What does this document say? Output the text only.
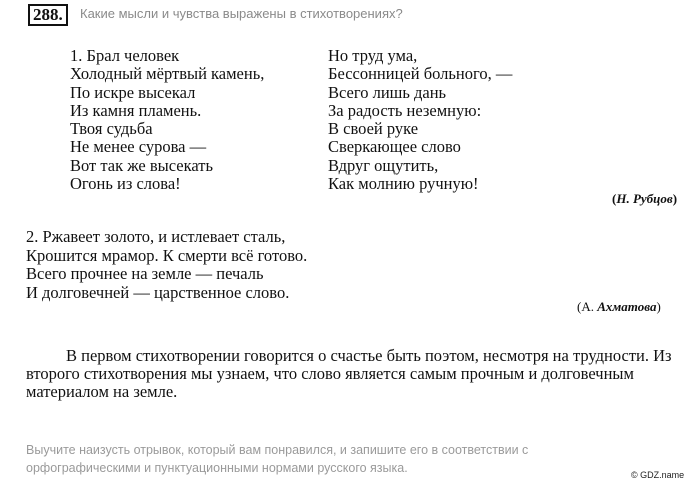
288.	Какие мысли и чувства выражены в стихотворениях?
1. Брал человек
Холодный мёртвый камень,
По искре высекал
Из камня пламень.
Твоя судьба
Не менее сурова —
Вот так же высекать
Огонь из слова!
Но труд ума,
Бессонницей больного, —
Всего лишь дань
За радость неземную:
В своей руке
Сверкающее слово
Вдруг ощутить,
Как молнию ручную!
(Н. Рубцов)
2. Ржавеет золото, и истлевает сталь,
Крошится мрамор. К смерти всё готово.
Всего прочнее на земле — печаль
И долговечней — царственное слово.
(А. Ахматова)
В первом стихотворении говорится о счастье быть поэтом, несмотря на трудности. Из второго стихотворения мы узнаем, что слово является самым прочным и долговечным материалом на земле.
Выучите наизусть отрывок, который вам понравился, и запишите его в соответствии с орфографическими и пунктуационными нормами русского языка.	© GDZ.name
